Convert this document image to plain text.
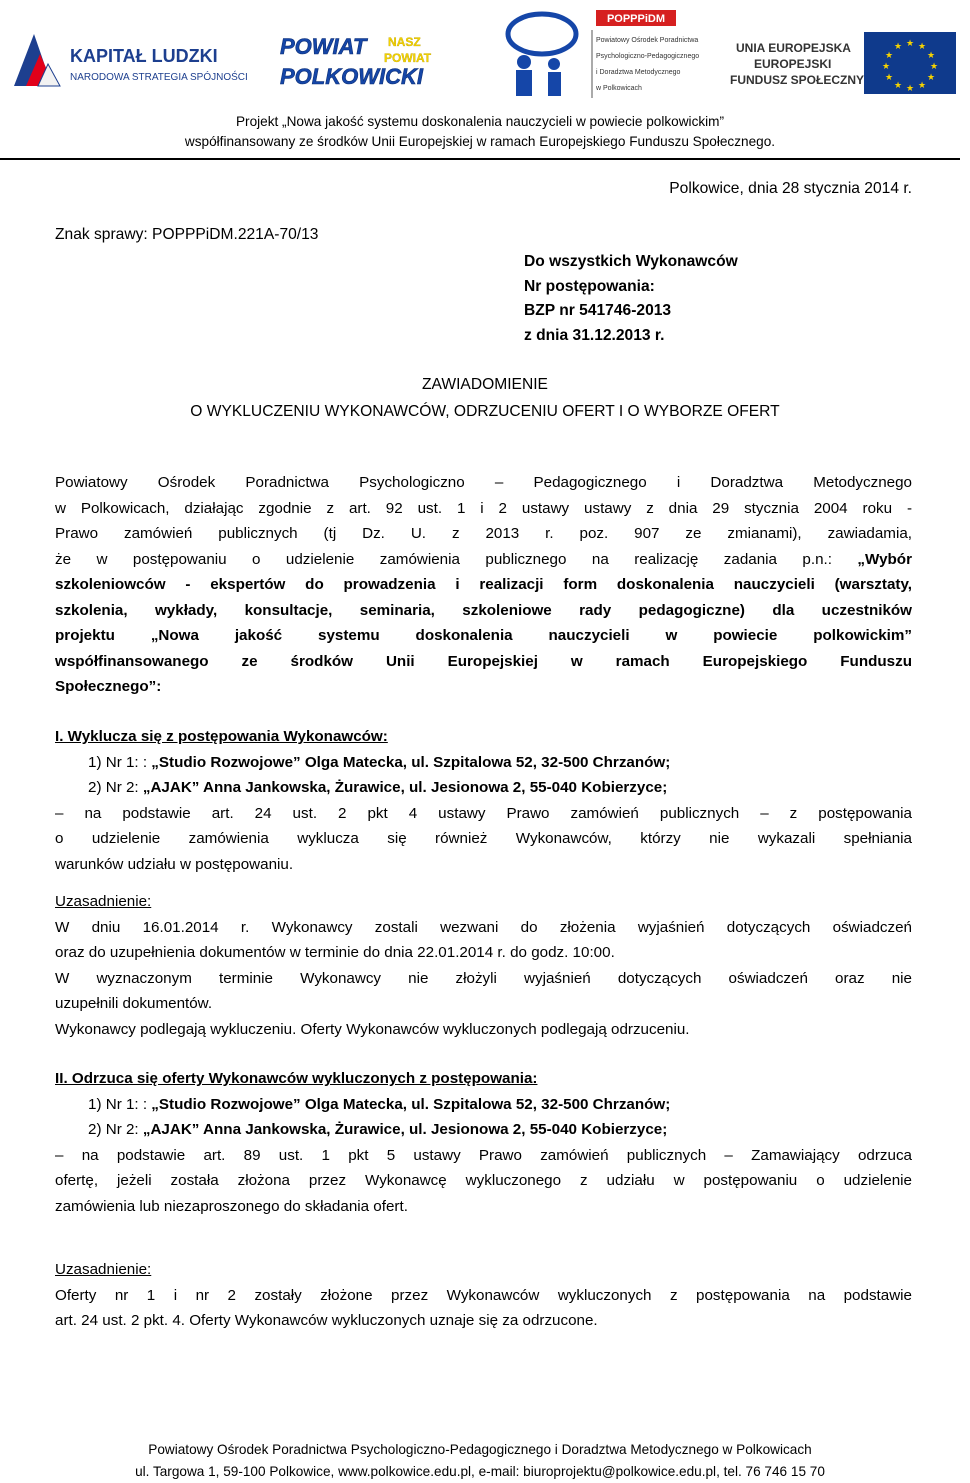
KAPITAŁ LUDZKI
NARODOWA STRATEGIA SPÓJNOŚCI
POWIAT
POLKOWICKI
NASZ
POWIAT
POPPPiDM
Powiatowy Ośrodek Poradnictwa
Psychologiczno-Pedagogicznego
i Doradztwa Metodycznego
w Polkowicach
UNIA EUROPEJSKA
EUROPEJSKI
FUNDUSZ SPOŁECZNY
★ ★
★
★
★
★
★
★
★
★
★
★
Projekt „Nowa jakość systemu doskonalenia nauczycieli w powiecie polkowickim”
współfinansowany ze środków Unii Europejskiej w ramach Europejskiego Funduszu Społecznego.
Polkowice, dnia 28 stycznia 2014 r.
Znak sprawy: POPPPiDM.221A-70/13
Do wszystkich Wykonawców
Nr postępowania:
BZP nr 541746-2013
z dnia 31.12.2013 r.
ZAWIADOMIENIE
O WYKLUCZENIU WYKONAWCÓW, ODRZUCENIU OFERT I O WYBORZE OFERT
Powiatowy Ośrodek Poradnictwa Psychologiczno – Pedagogicznego i Doradztwa Metodycznego
w Polkowicach, działając zgodnie z art. 92 ust. 1 i 2 ustawy ustawy z dnia 29 stycznia 2004 roku -
Prawo zamówień publicznych (tj Dz. U. z 2013 r. poz. 907 ze zmianami), zawiadamia,
że w postępowaniu o udzielenie zamówienia publicznego na realizację zadania p.n.: „Wybór
szkoleniowców - ekspertów do prowadzenia i realizacji form doskonalenia nauczycieli (warsztaty,
szkolenia, wykłady, konsultacje, seminaria, szkoleniowe rady pedagogiczne) dla uczestników
projektu „Nowa jakość systemu doskonalenia nauczycieli w powiecie polkowickim”
współfinansowanego ze środków Unii Europejskiej w ramach Europejskiego Funduszu
Społecznego”:
I. Wyklucza się z postępowania Wykonawców:
1) Nr 1: : „Studio Rozwojowe” Olga Matecka, ul. Szpitalowa 52, 32-500 Chrzanów;
2) Nr 2: „AJAK” Anna Jankowska, Żurawice, ul. Jesionowa 2, 55-040 Kobierzyce;
– na podstawie art. 24 ust. 2 pkt 4 ustawy Prawo zamówień publicznych – z postępowania
o udzielenie zamówienia wyklucza się również Wykonawców, którzy nie wykazali spełniania
warunków udziału w postępowaniu.
Uzasadnienie:
W dniu 16.01.2014 r. Wykonawcy zostali wezwani do złożenia wyjaśnień dotyczących oświadczeń
oraz do uzupełnienia dokumentów w terminie do dnia 22.01.2014 r. do godz. 10:00.
W wyznaczonym terminie Wykonawcy nie złożyli wyjaśnień dotyczących oświadczeń oraz nie
uzupełnili dokumentów.
Wykonawcy podlegają wykluczeniu. Oferty Wykonawców wykluczonych podlegają odrzuceniu.
II. Odrzuca się oferty Wykonawców wykluczonych z postępowania:
1) Nr 1: : „Studio Rozwojowe” Olga Matecka, ul. Szpitalowa 52, 32-500 Chrzanów;
2) Nr 2: „AJAK” Anna Jankowska, Żurawice, ul. Jesionowa 2, 55-040 Kobierzyce;
– na podstawie art. 89 ust. 1 pkt 5 ustawy Prawo zamówień publicznych – Zamawiający odrzuca
ofertę, jeżeli została złożona przez Wykonawcę wykluczonego z udziału w postępowaniu o udzielenie
zamówienia lub niezaproszonego do składania ofert.
Uzasadnienie:
Oferty nr 1 i nr 2 zostały złożone przez Wykonawców wykluczonych z postępowania na podstawie
art. 24 ust. 2 pkt. 4. Oferty Wykonawców wykluczonych uznaje się za odrzucone.
Powiatowy Ośrodek Poradnictwa Psychologiczno-Pedagogicznego i Doradztwa Metodycznego w Polkowicach
ul. Targowa 1, 59-100 Polkowice, www.polkowice.edu.pl, e-mail: biuroprojektu@polkowice.edu.pl, tel. 76 746 15 70
